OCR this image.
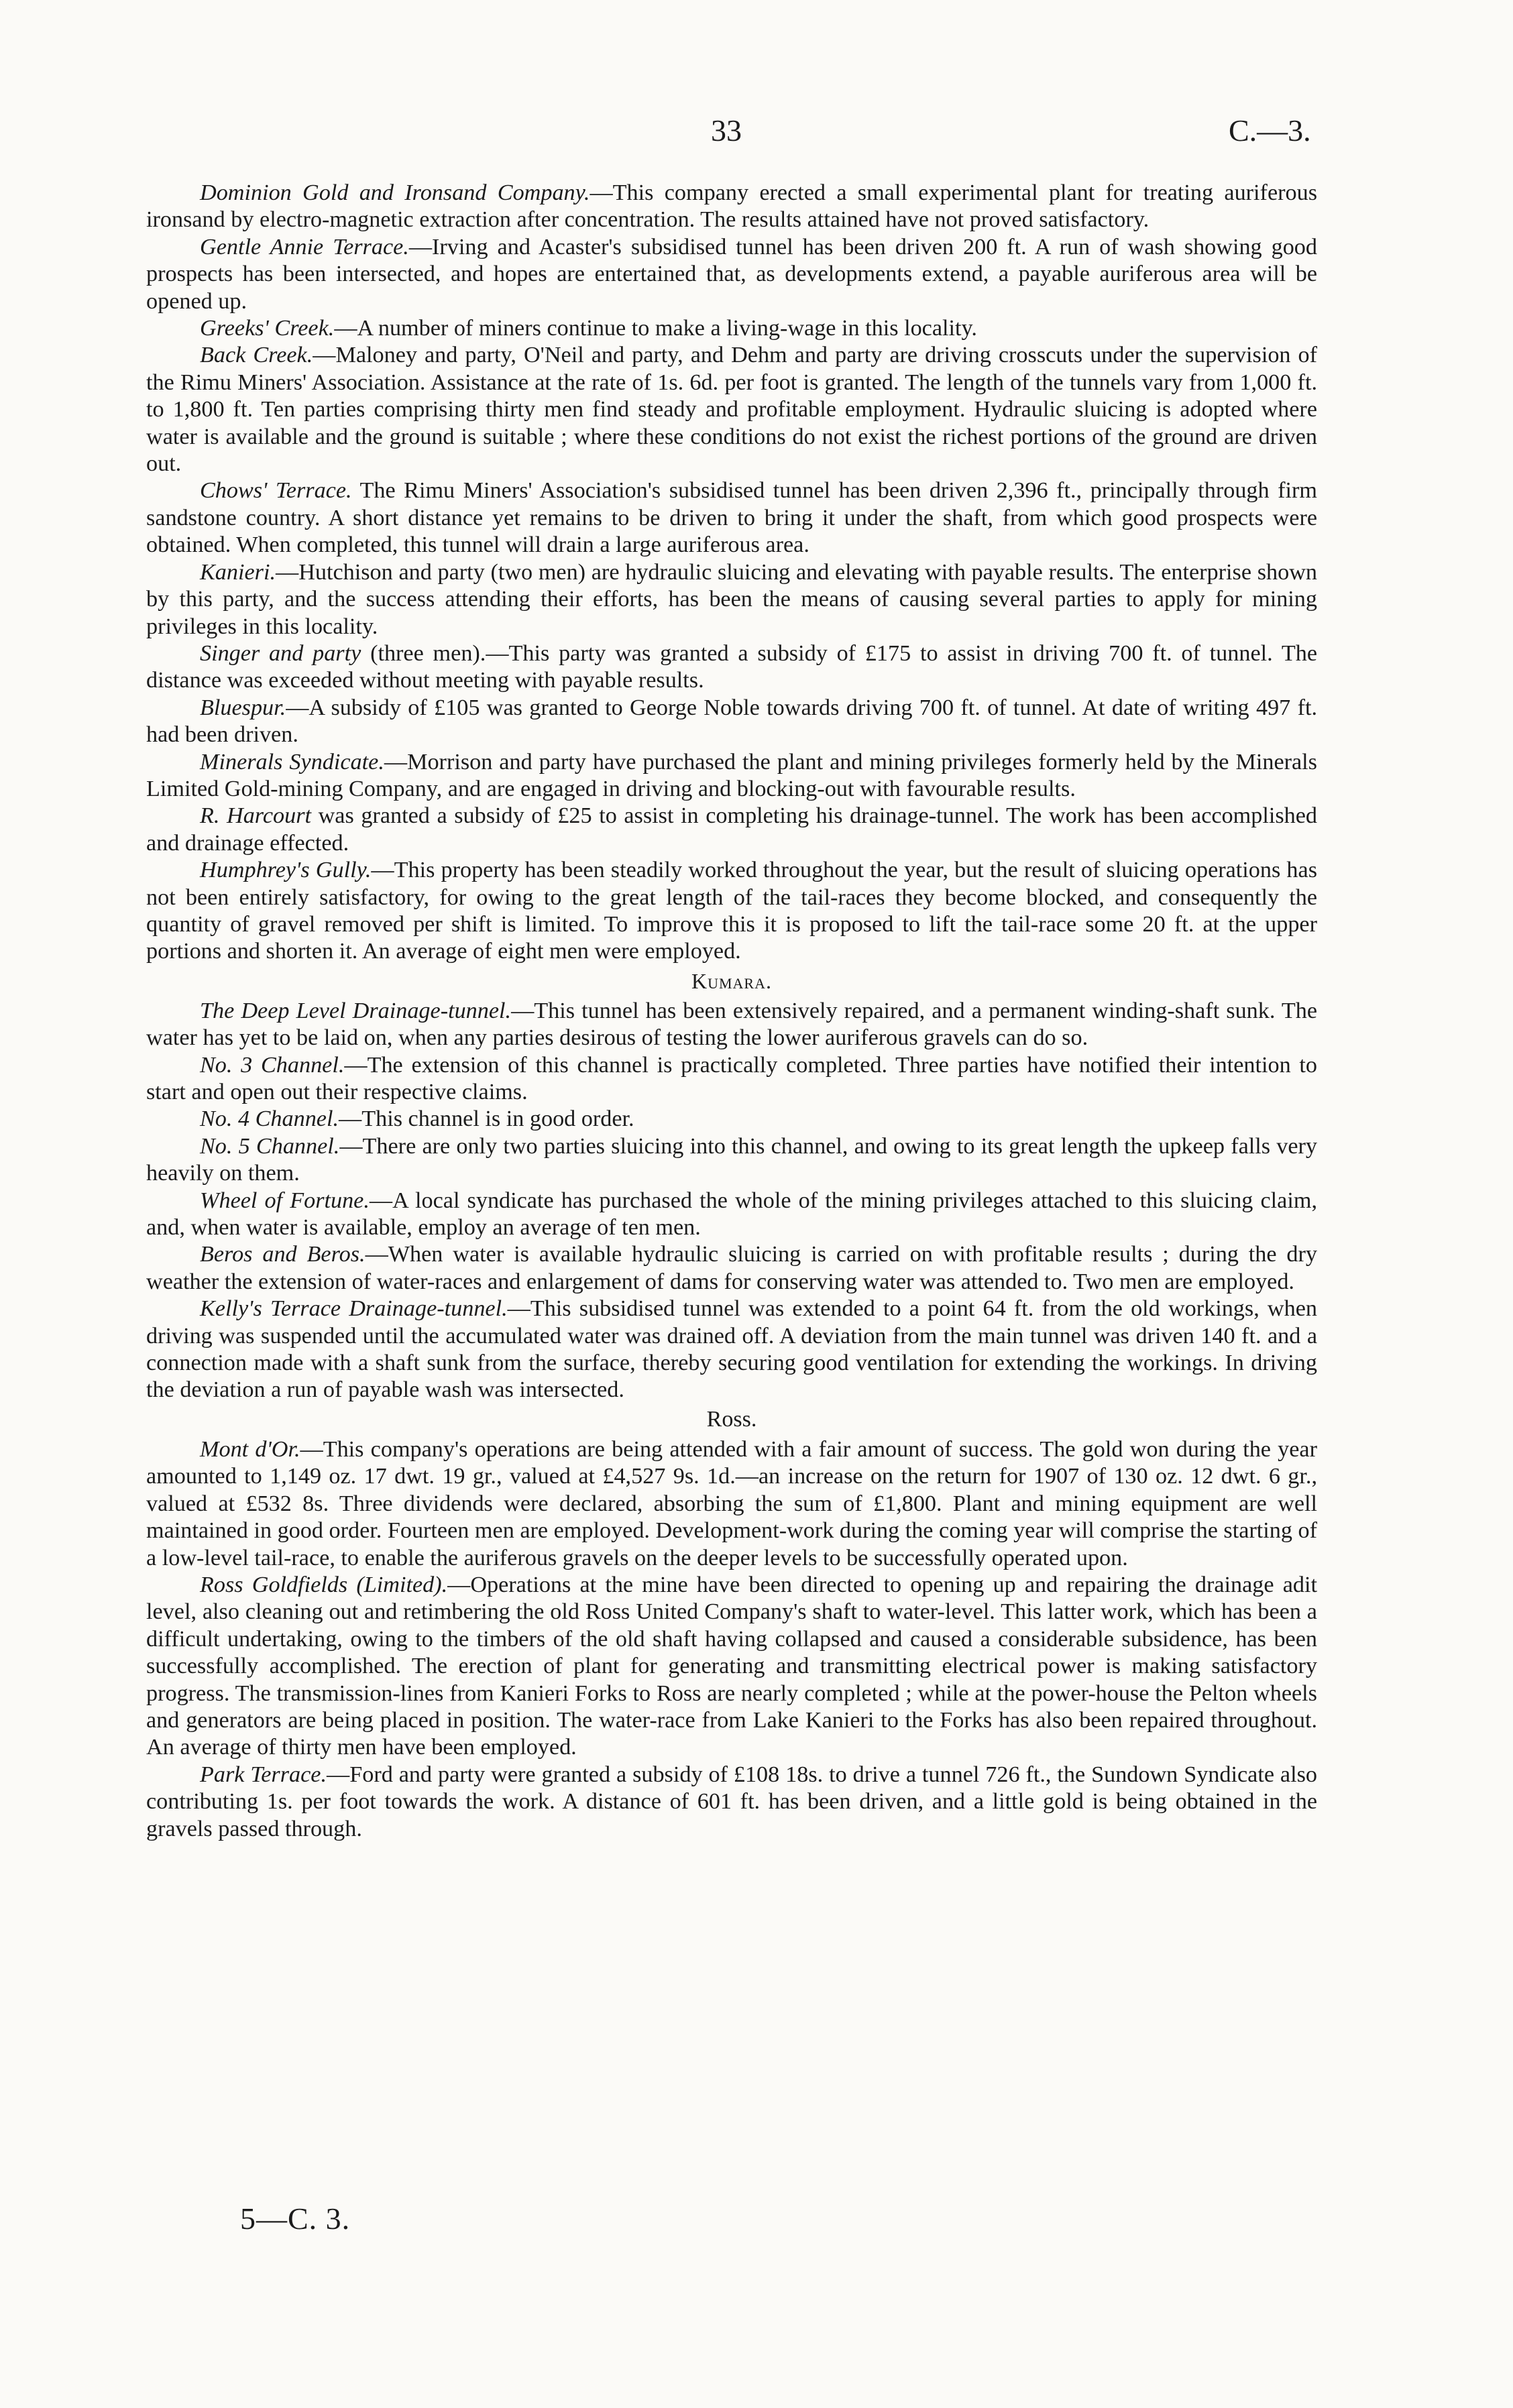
33	C.—3.

Dominion Gold and Ironsand Company.—This company erected a small experimental plant for treating auriferous ironsand by electro-magnetic extraction after concentration. The results attained have not proved satisfactory.

Gentle Annie Terrace.—Irving and Acaster's subsidised tunnel has been driven 200 ft. A run of wash showing good prospects has been intersected, and hopes are entertained that, as developments extend, a payable auriferous area will be opened up.

Greeks' Creek.—A number of miners continue to make a living-wage in this locality.

Back Creek.—Maloney and party, O'Neil and party, and Dehm and party are driving crosscuts under the supervision of the Rimu Miners' Association. Assistance at the rate of 1s. 6d. per foot is granted. The length of the tunnels vary from 1,000 ft. to 1,800 ft. Ten parties comprising thirty men find steady and profitable employment. Hydraulic sluicing is adopted where water is available and the ground is suitable ; where these conditions do not exist the richest portions of the ground are driven out.

Chows' Terrace. The Rimu Miners' Association's subsidised tunnel has been driven 2,396 ft., principally through firm sandstone country. A short distance yet remains to be driven to bring it under the shaft, from which good prospects were obtained. When completed, this tunnel will drain a large auriferous area.

Kanieri.—Hutchison and party (two men) are hydraulic sluicing and elevating with payable results. The enterprise shown by this party, and the success attending their efforts, has been the means of causing several parties to apply for mining privileges in this locality.

Singer and party (three men).—This party was granted a subsidy of £175 to assist in driving 700 ft. of tunnel. The distance was exceeded without meeting with payable results.

Bluespur.—A subsidy of £105 was granted to George Noble towards driving 700 ft. of tunnel. At date of writing 497 ft. had been driven.

Minerals Syndicate.—Morrison and party have purchased the plant and mining privileges formerly held by the Minerals Limited Gold-mining Company, and are engaged in driving and blocking-out with favourable results.

R. Harcourt was granted a subsidy of £25 to assist in completing his drainage-tunnel. The work has been accomplished and drainage effected.

Humphrey's Gully.—This property has been steadily worked throughout the year, but the result of sluicing operations has not been entirely satisfactory, for owing to the great length of the tail-races they become blocked, and consequently the quantity of gravel removed per shift is limited. To improve this it is proposed to lift the tail-race some 20 ft. at the upper portions and shorten it. An average of eight men were employed.

Kumara.

The Deep Level Drainage-tunnel.—This tunnel has been extensively repaired, and a permanent winding-shaft sunk. The water has yet to be laid on, when any parties desirous of testing the lower auriferous gravels can do so.

No. 3 Channel.—The extension of this channel is practically completed. Three parties have notified their intention to start and open out their respective claims.

No. 4 Channel.—This channel is in good order.

No. 5 Channel.—There are only two parties sluicing into this channel, and owing to its great length the upkeep falls very heavily on them.

Wheel of Fortune.—A local syndicate has purchased the whole of the mining privileges attached to this sluicing claim, and, when water is available, employ an average of ten men.

Beros and Beros.—When water is available hydraulic sluicing is carried on with profitable results ; during the dry weather the extension of water-races and enlargement of dams for conserving water was attended to. Two men are employed.

Kelly's Terrace Drainage-tunnel.—This subsidised tunnel was extended to a point 64 ft. from the old workings, when driving was suspended until the accumulated water was drained off. A deviation from the main tunnel was driven 140 ft. and a connection made with a shaft sunk from the surface, thereby securing good ventilation for extending the workings. In driving the deviation a run of payable wash was intersected.

Ross.

Mont d'Or.—This company's operations are being attended with a fair amount of success. The gold won during the year amounted to 1,149 oz. 17 dwt. 19 gr., valued at £4,527 9s. 1d.—an increase on the return for 1907 of 130 oz. 12 dwt. 6 gr., valued at £532 8s. Three dividends were declared, absorbing the sum of £1,800. Plant and mining equipment are well maintained in good order. Fourteen men are employed. Development-work during the coming year will comprise the starting of a low-level tail-race, to enable the auriferous gravels on the deeper levels to be successfully operated upon.

Ross Goldfields (Limited).—Operations at the mine have been directed to opening up and repairing the drainage adit level, also cleaning out and retimbering the old Ross United Company's shaft to water-level. This latter work, which has been a difficult undertaking, owing to the timbers of the old shaft having collapsed and caused a considerable subsidence, has been successfully accomplished. The erection of plant for generating and transmitting electrical power is making satisfactory progress. The transmission-lines from Kanieri Forks to Ross are nearly completed ; while at the power-house the Pelton wheels and generators are being placed in position. The water-race from Lake Kanieri to the Forks has also been repaired throughout. An average of thirty men have been employed.

Park Terrace.—Ford and party were granted a subsidy of £108 18s. to drive a tunnel 726 ft., the Sundown Syndicate also contributing 1s. per foot towards the work. A distance of 601 ft. has been driven, and a little gold is being obtained in the gravels passed through.

5—C. 3.
